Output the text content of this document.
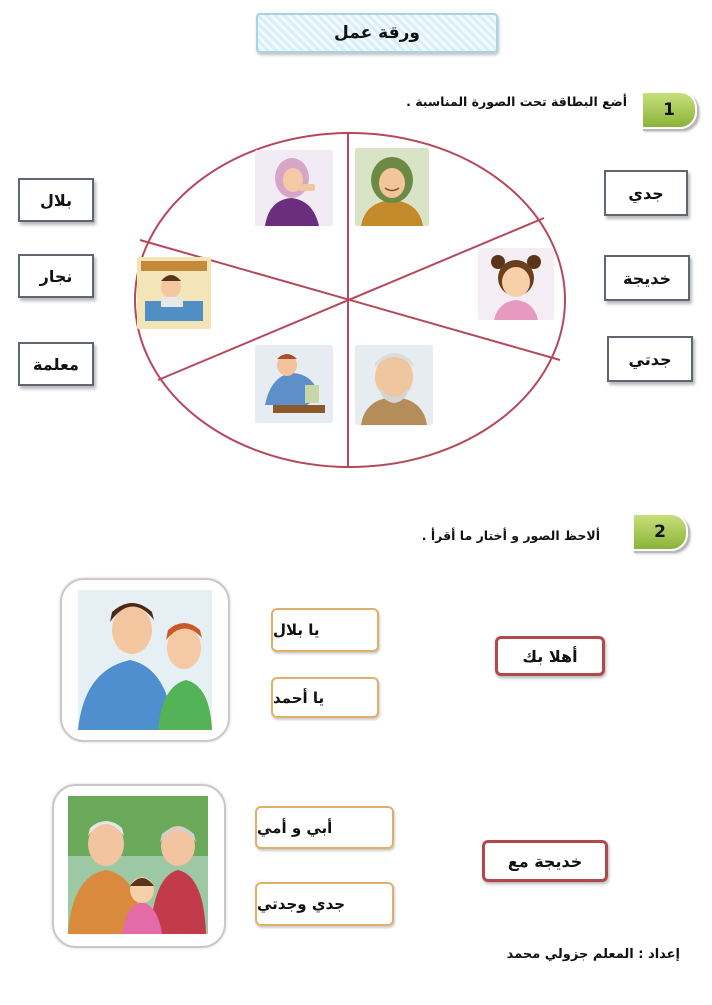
ورقة عمل
1
أضع البطاقة تحت الصورة المناسبة .
بلال
نجار
معلمة
جدي
خديجة
جدتي
2
ألاحظ الصور و أختار ما أقرأ .
يا بلال
يا أحمد
أهلا بك
أبي و أمي
جدي وجدتي
خديجة مع
إعداد : المعلم جزولي محمد
